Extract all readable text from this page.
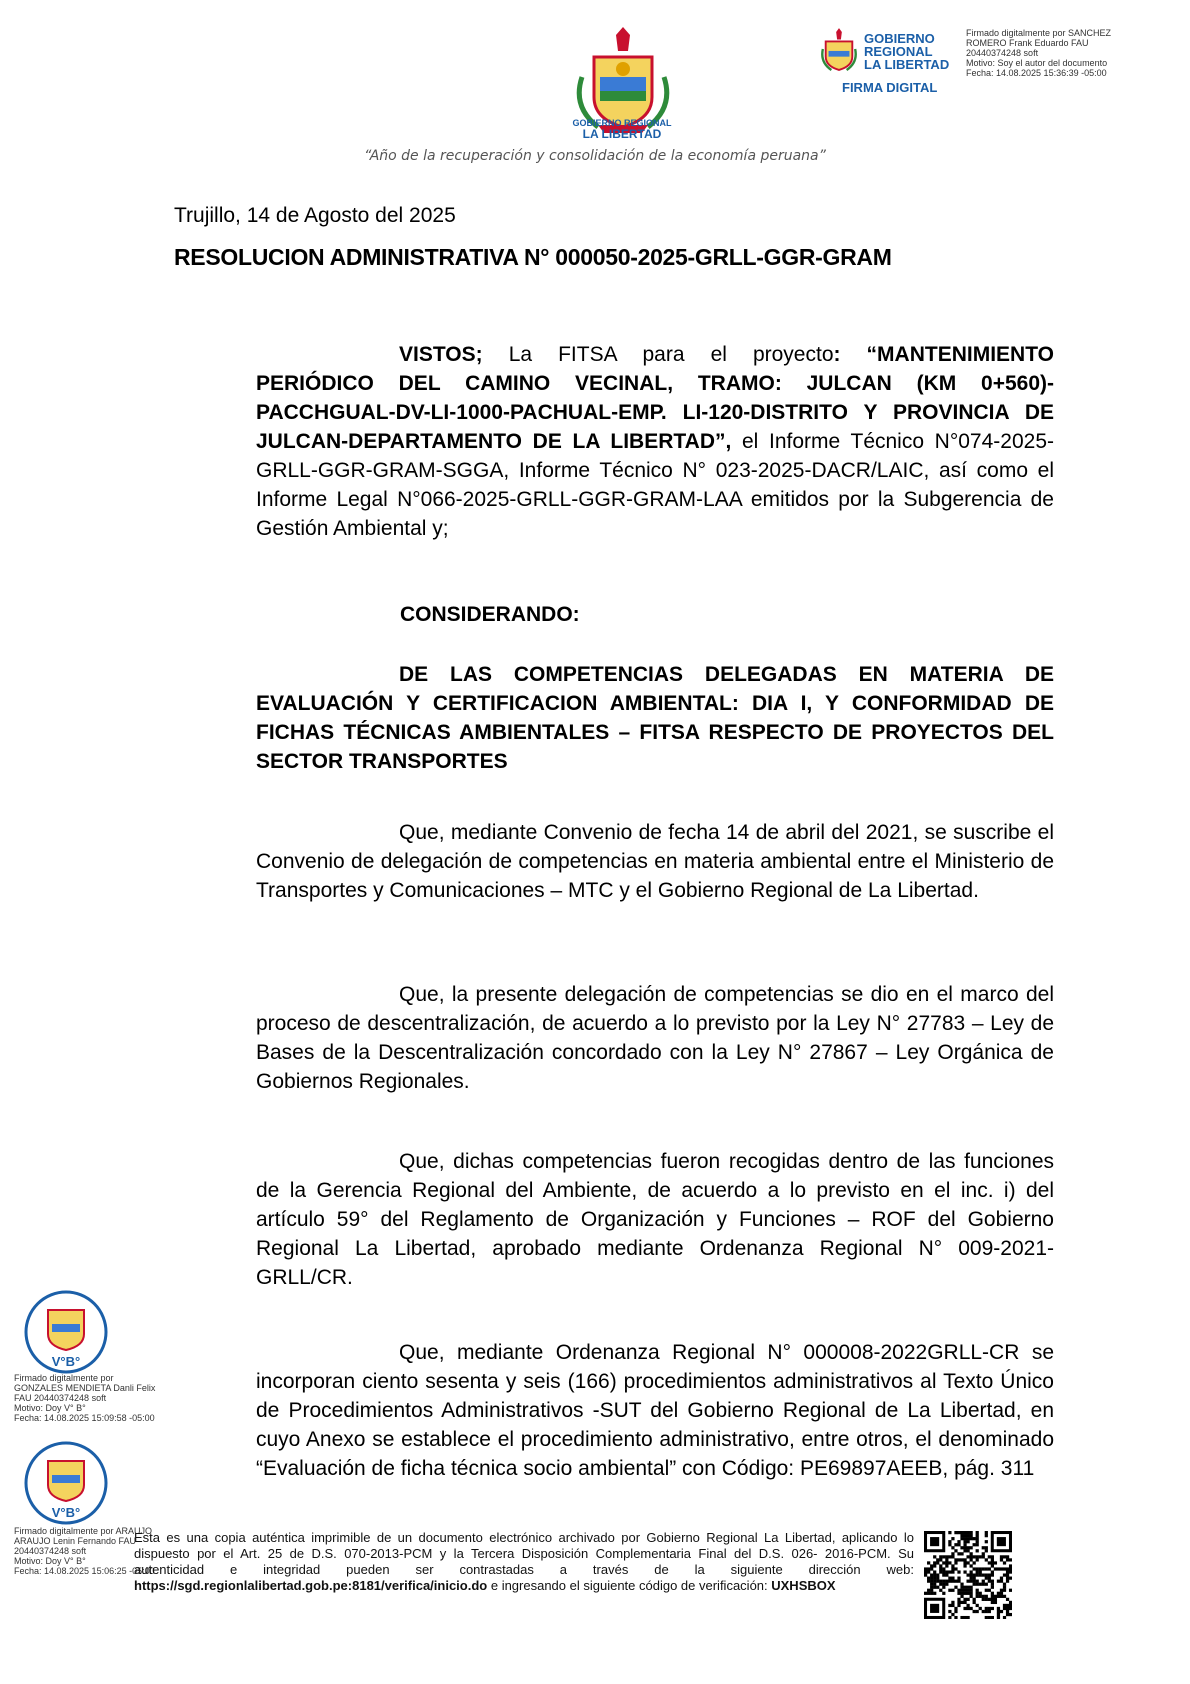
GOBIERNO REGIONAL
LA LIBERTAD
“Año de la recuperación y consolidación de la economía peruana”
GOBIERNO
REGIONAL
LA LIBERTAD
FIRMA DIGITAL
Firmado digitalmente por SANCHEZ
ROMERO Frank Eduardo FAU
20440374248 soft
Motivo: Soy el autor del documento
Fecha: 14.08.2025 15:36:39 -05:00
Trujillo, 14 de Agosto del 2025
RESOLUCION ADMINISTRATIVA N° 000050-2025-GRLL-GGR-GRAM
VISTOS; La FITSA para el proyecto: “MANTENIMIENTO PERIÓDICO DEL CAMINO VECINAL, TRAMO: JULCAN (KM 0+560)-PACCHGUAL-DV-LI-1000-PACHUAL-EMP. LI-120-DISTRITO Y PROVINCIA DE JULCAN-DEPARTAMENTO DE LA LIBERTAD”, el Informe Técnico N°074-2025-GRLL-GGR-GRAM-SGGA, Informe Técnico N° 023-2025-DACR/LAIC, así como el Informe Legal N°066-2025-GRLL-GGR-GRAM-LAA emitidos por la Subgerencia de Gestión Ambiental y;
CONSIDERANDO:
DE LAS COMPETENCIAS DELEGADAS EN MATERIA DE EVALUACIÓN Y CERTIFICACION AMBIENTAL: DIA I, Y CONFORMIDAD DE FICHAS TÉCNICAS AMBIENTALES – FITSA RESPECTO DE PROYECTOS DEL SECTOR TRANSPORTES
Que, mediante Convenio de fecha 14 de abril del 2021, se suscribe el Convenio de delegación de competencias en materia ambiental entre el Ministerio de Transportes y Comunicaciones – MTC y el Gobierno Regional de La Libertad.
Que, la presente delegación de competencias se dio en el marco del proceso de descentralización, de acuerdo a lo previsto por la Ley N° 27783 – Ley de Bases de la Descentralización concordado con la Ley N° 27867 – Ley Orgánica de Gobiernos Regionales.
Que, dichas competencias fueron recogidas dentro de las funciones de la Gerencia Regional del Ambiente, de acuerdo a lo previsto en el inc. i) del artículo 59° del Reglamento de Organización y Funciones – ROF del Gobierno Regional La Libertad, aprobado mediante Ordenanza Regional N° 009-2021-GRLL/CR.
Que, mediante Ordenanza Regional N° 000008-2022GRLL-CR se incorporan ciento sesenta y seis (166) procedimientos administrativos al Texto Único de Procedimientos Administrativos -SUT del Gobierno Regional de La Libertad, en cuyo Anexo se establece el procedimiento administrativo, entre otros, el denominado “Evaluación de ficha técnica socio ambiental” con Código: PE69897AEEB, pág. 311
V°B°
Firmado digitalmente por
GONZALES MENDIETA Danli Felix
FAU 20440374248 soft
Motivo: Doy V° B°
Fecha: 14.08.2025 15:09:58 -05:00
V°B°
Firmado digitalmente por ARAUJO
ARAUJO Lenin Fernando FAU
20440374248 soft
Motivo: Doy V° B°
Fecha: 14.08.2025 15:06:25 -05:00
Esta es una copia auténtica imprimible de un documento electrónico archivado por Gobierno Regional La Libertad, aplicando lo dispuesto por el Art. 25 de D.S. 070-2013-PCM y la Tercera Disposición Complementaria Final del D.S. 026- 2016-PCM. Su autenticidad e integridad pueden ser contrastadas a través de la siguiente dirección web: https://sgd.regionlalibertad.gob.pe:8181/verifica/inicio.do e ingresando el siguiente código de verificación: UXHSBOX
